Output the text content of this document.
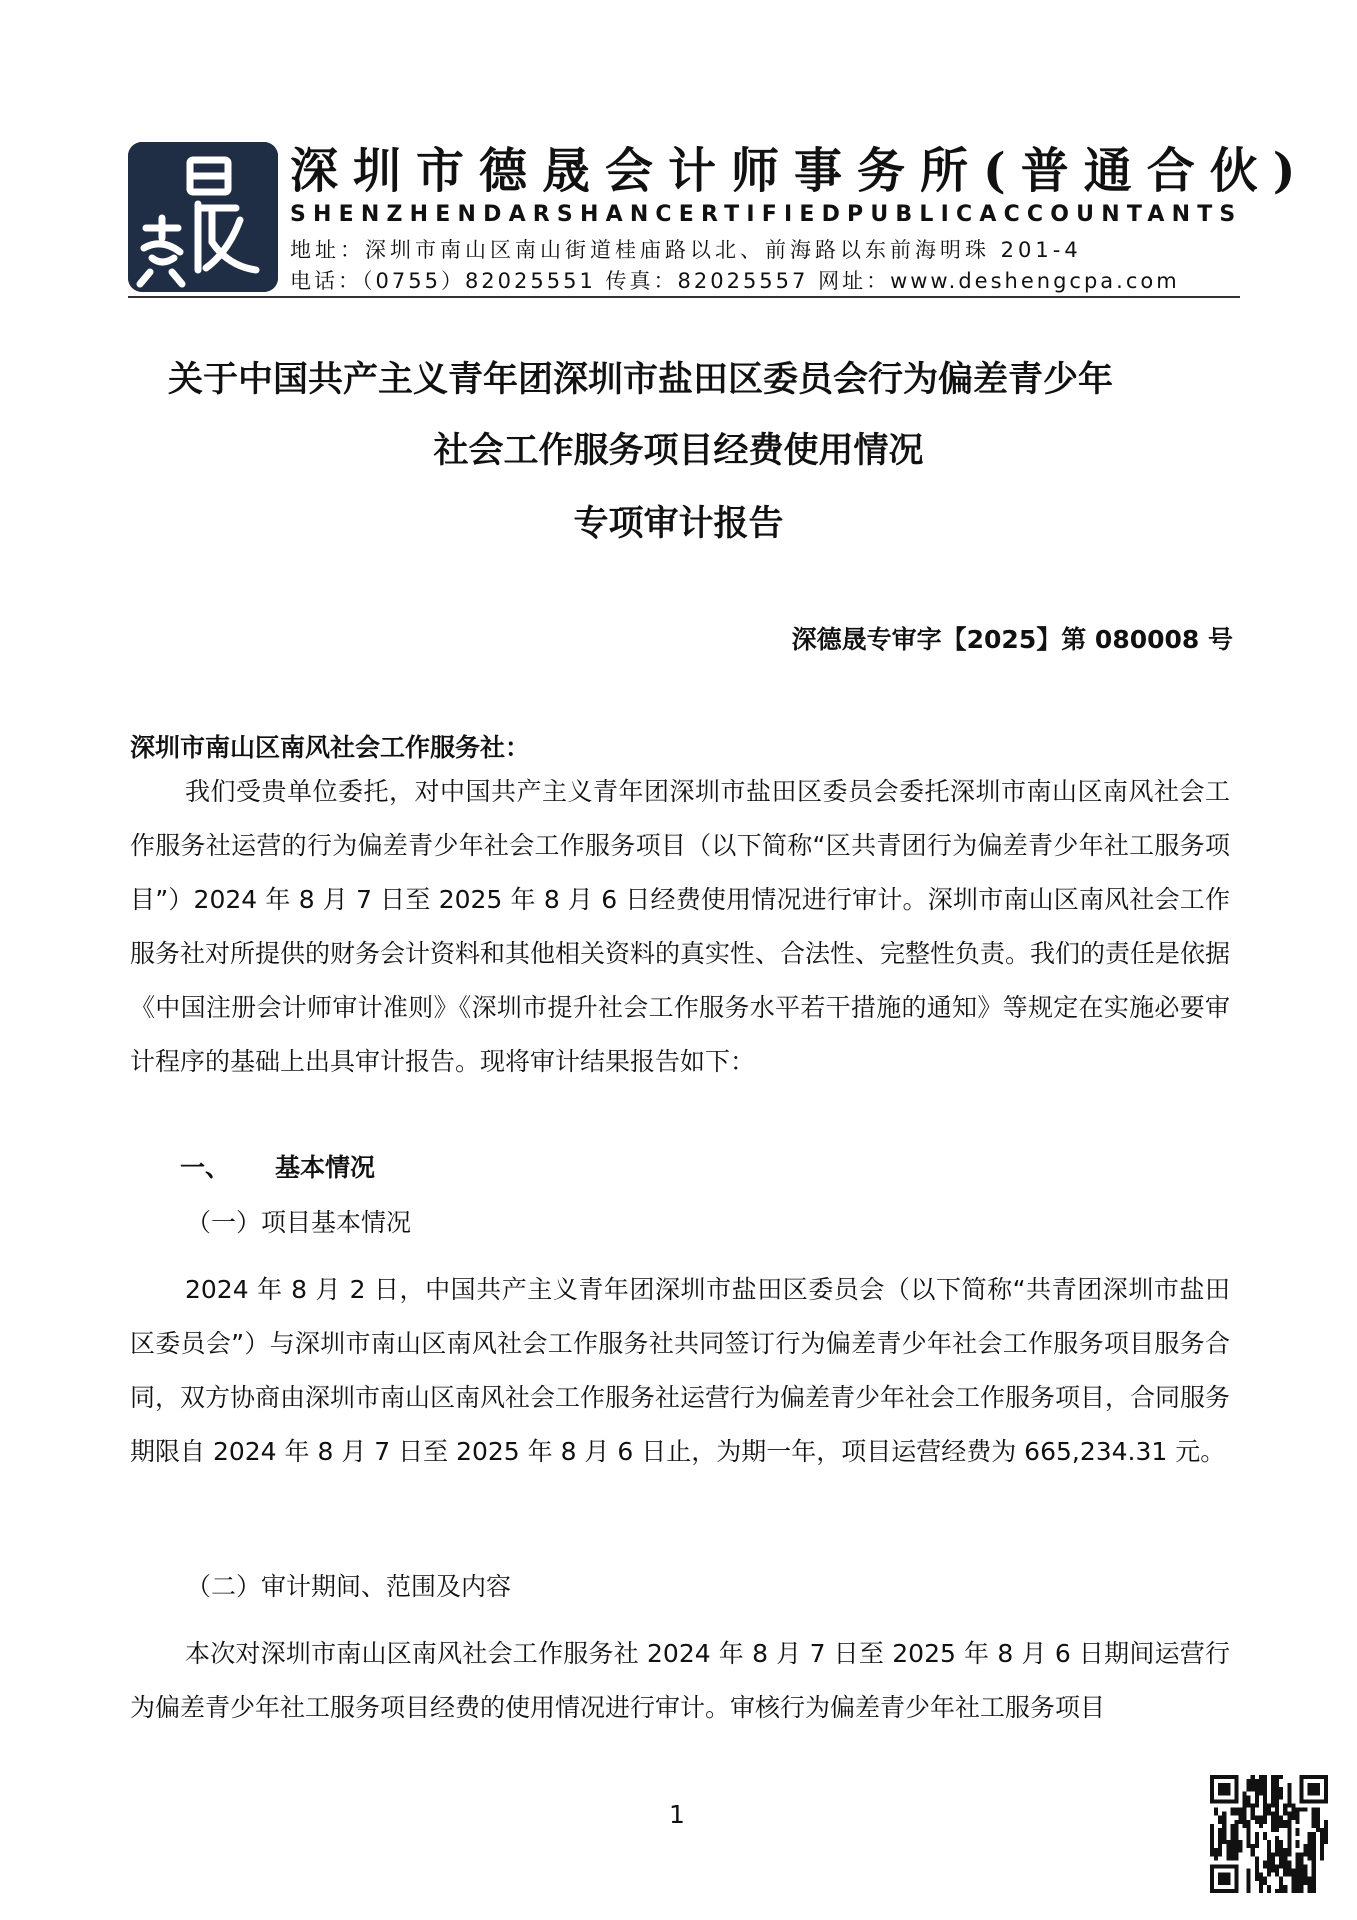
深圳市德晟会计师事务所(普通合伙)
SHENZHENDARSHANCERTIFIEDPUBLICACCOUNTANTS
地址：深圳市南山区南山街道桂庙路以北、前海路以东前海明珠 201-4
电话：（0755）82025551 传真：82025557 网址：www.deshengcpa.com
关于中国共产主义青年团深圳市盐田区委员会行为偏差青少年
社会工作服务项目经费使用情况
专项审计报告
深德晟专审字【2025】第 080008 号
深圳市南山区南风社会工作服务社：

我们受贵单位委托，对中国共产主义青年团深圳市盐田区委员会委托深圳市南山区南风社会工作服务社运营的行为偏差青少年社会工作服务项目（以下简称“区共青团行为偏差青少年社工服务项目”）2024 年 8 月 7 日至 2025 年 8 月 6 日经费使用情况进行审计。深圳市南山区南风社会工作服务社对所提供的财务会计资料和其他相关资料的真实性、合法性、完整性负责。我们的责任是依据《中国注册会计师审计准则》《深圳市提升社会工作服务水平若干措施的通知》等规定在实施必要审计程序的基础上出具审计报告。现将审计结果报告如下：

一、 基本情况
（一）项目基本情况

2024 年 8 月 2 日，中国共产主义青年团深圳市盐田区委员会（以下简称“共青团深圳市盐田区委员会”）与深圳市南山区南风社会工作服务社共同签订行为偏差青少年社会工作服务项目服务合同，双方协商由深圳市南山区南风社会工作服务社运营行为偏差青少年社会工作服务项目，合同服务期限自 2024 年 8 月 7 日至 2025 年 8 月 6 日止，为期一年，项目运营经费为 665,234.31 元。

（二）审计期间、范围及内容

本次对深圳市南山区南风社会工作服务社 2024 年 8 月 7 日至 2025 年 8 月 6 日期间运营行为偏差青少年社工服务项目经费的使用情况进行审计。审核行为偏差青少年社工服务项目

1
